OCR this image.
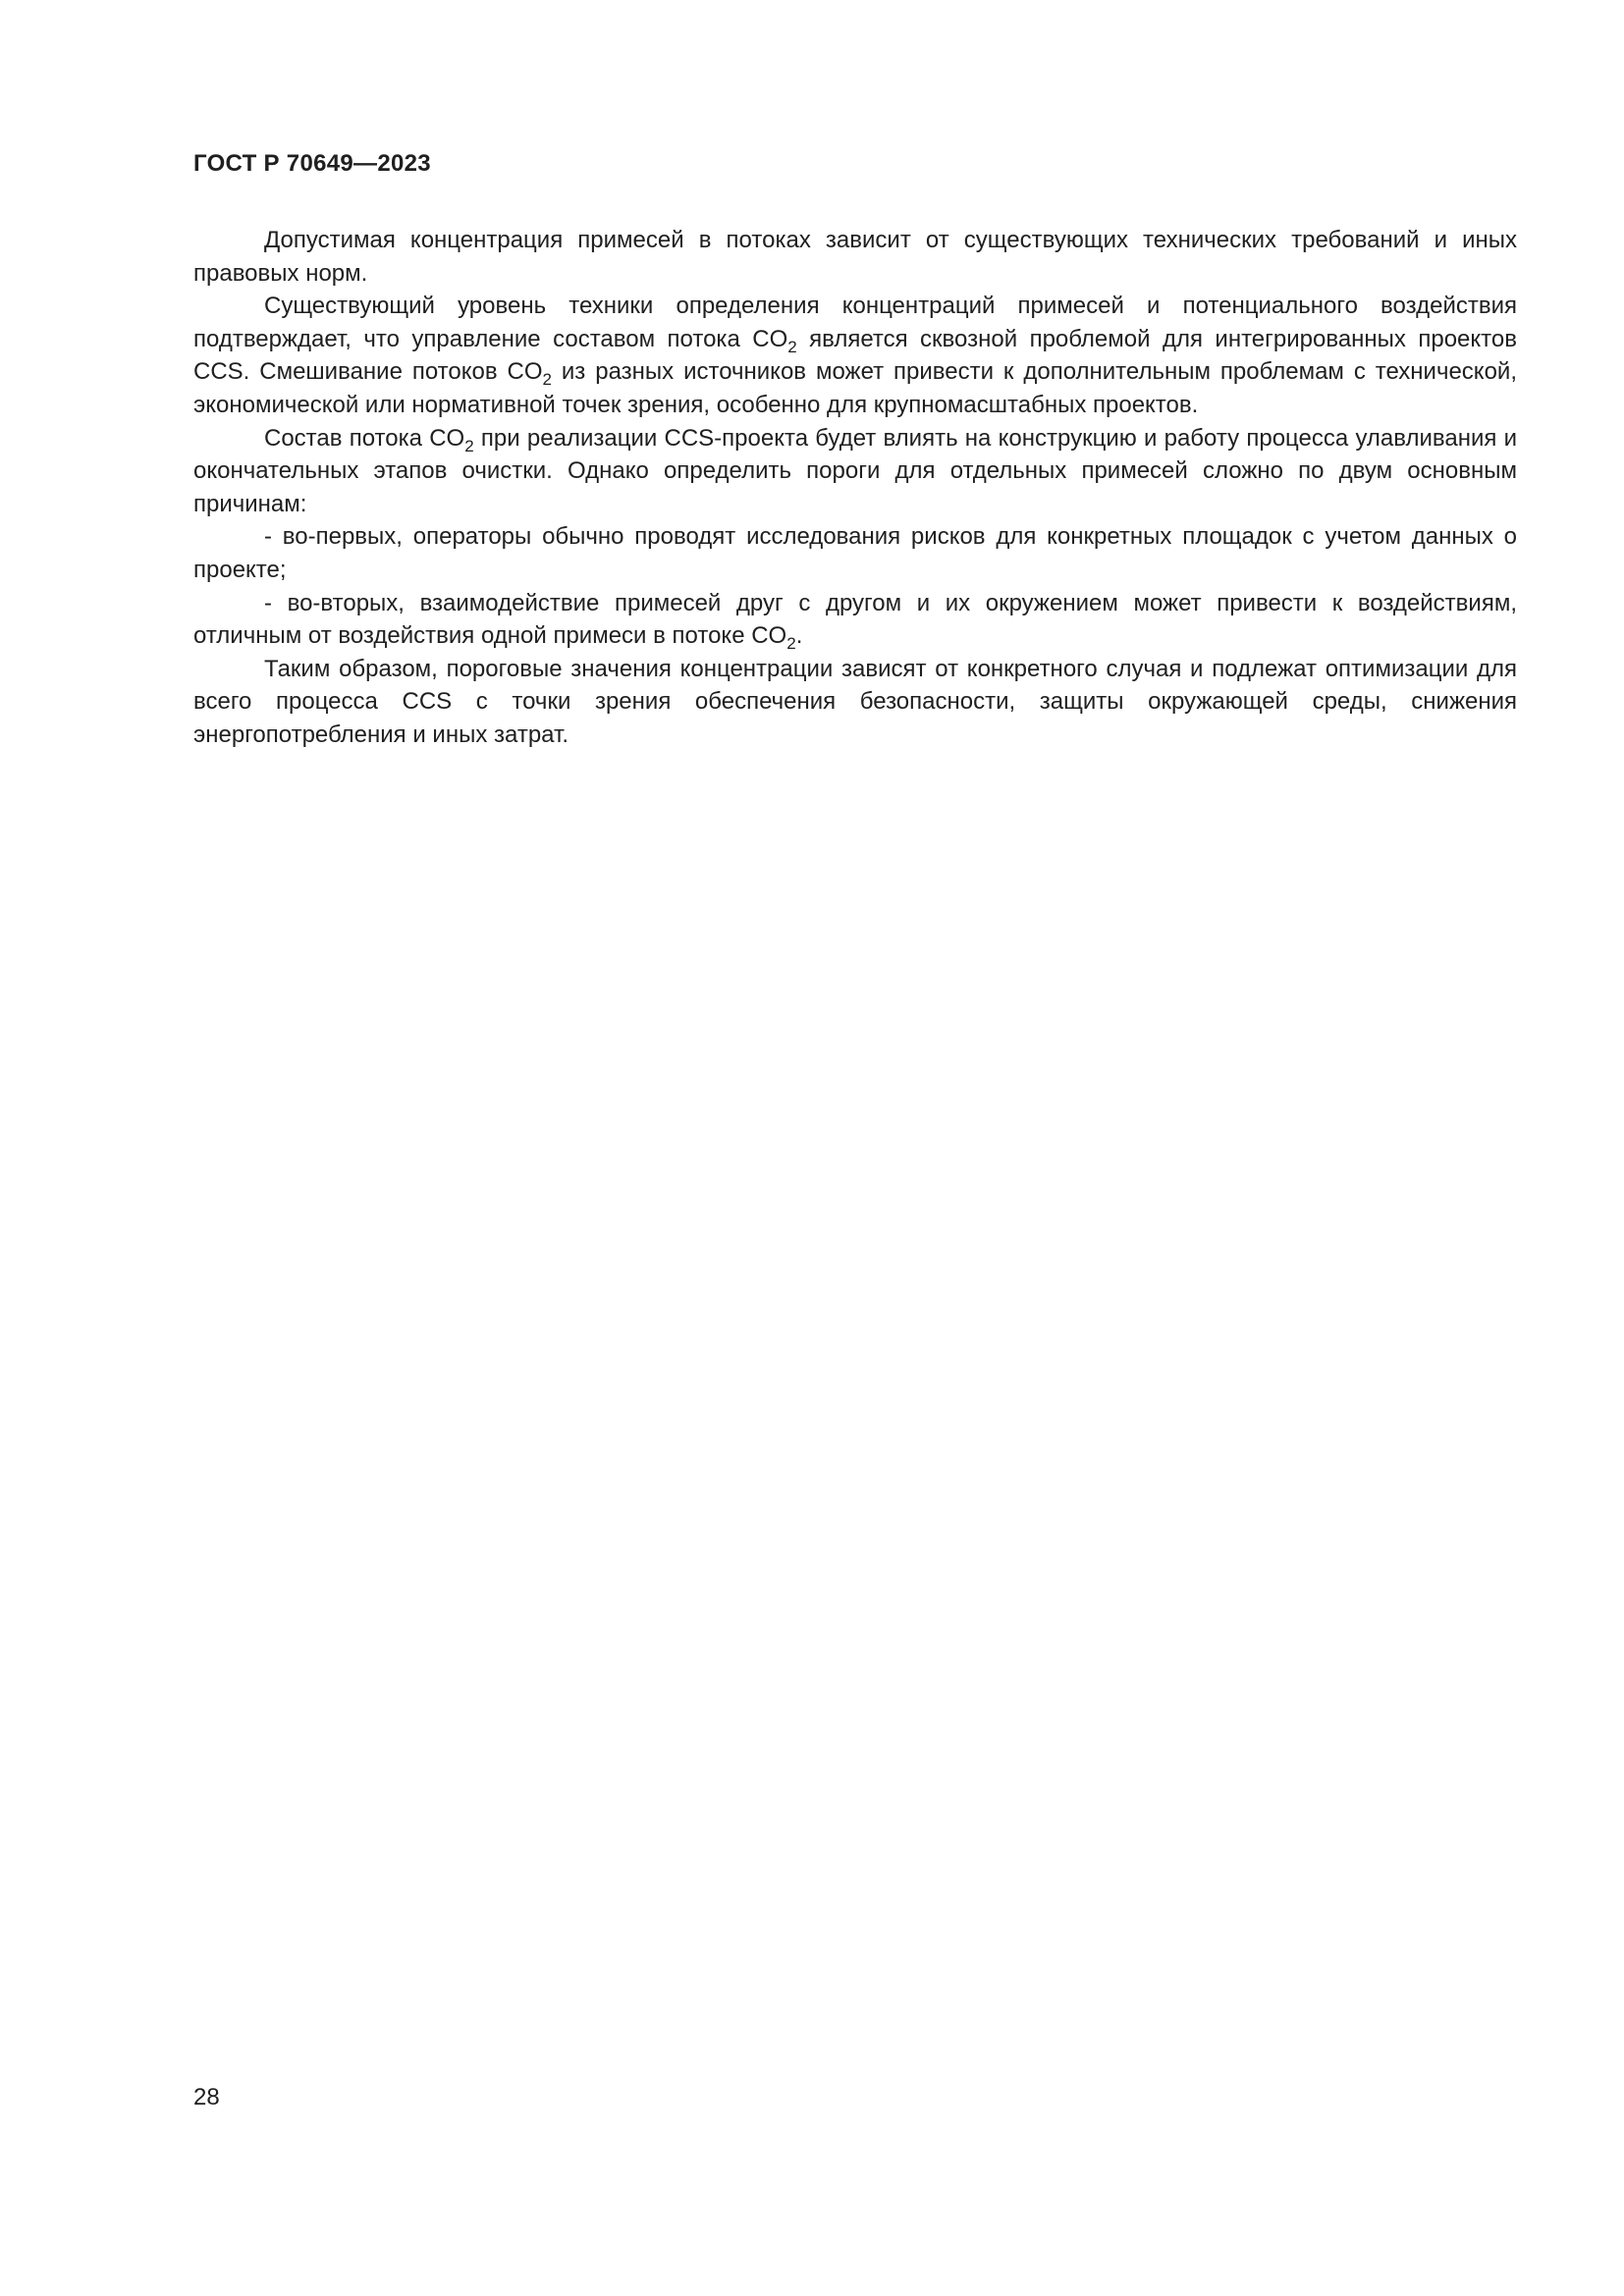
ГОСТ Р 70649—2023

Допустимая концентрация примесей в потоках зависит от существующих технических требований и иных правовых норм.

Существующий уровень техники определения концентраций примесей и потенциального воздействия подтверждает, что управление составом потока $CO_2$ является сквозной проблемой для интегрированных проектов CCS. Смешивание потоков $CO_2$ из разных источников может привести к дополнительным проблемам с технической, экономической или нормативной точек зрения, особенно для крупномасштабных проектов.

Состав потока $CO_2$ при реализации CCS-проекта будет влиять на конструкцию и работу процесса улавливания и окончательных этапов очистки. Однако определить пороги для отдельных примесей сложно по двум основным причинам:

- во-первых, операторы обычно проводят исследования рисков для конкретных площадок с учетом данных о проекте;

- во-вторых, взаимодействие примесей друг с другом и их окружением может привести к воздействиям, отличным от воздействия одной примеси в потоке $CO_2$.

Таким образом, пороговые значения концентрации зависят от конкретного случая и подлежат оптимизации для всего процесса CCS с точки зрения обеспечения безопасности, защиты окружающей среды, снижения энергопотребления и иных затрат.

28
